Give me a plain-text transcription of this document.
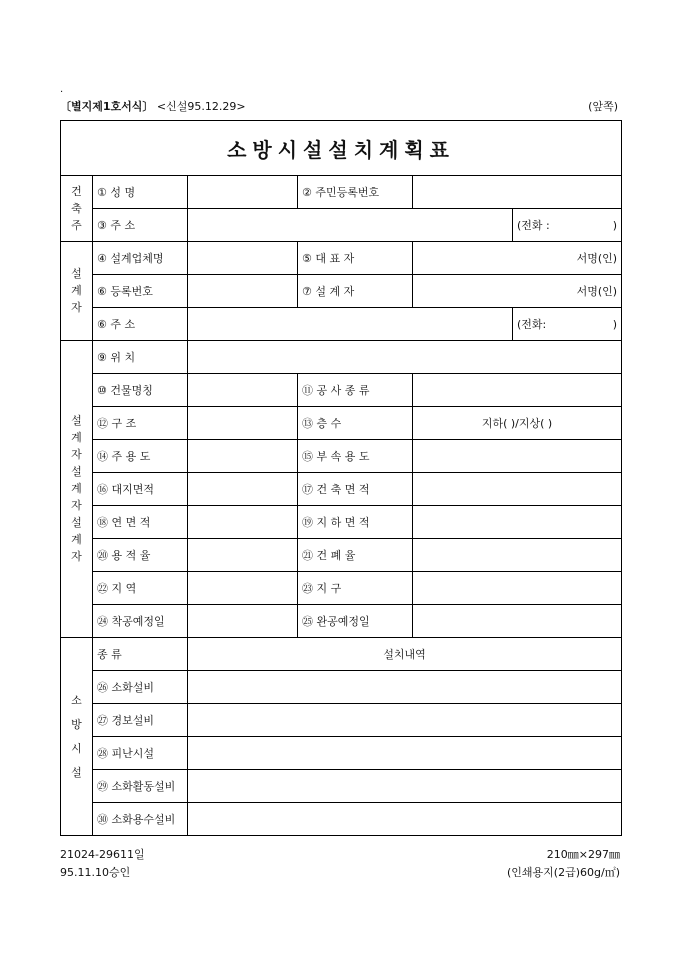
.
〔별지제1호서식〕 <신설95.12.29>	(앞쪽)
소방시설설치계획표					
건축주	① 성 명		② 주민등록번호		
	③ 주 소				(전화 : )

설계자	④ 설계업체명		⑤ 대 표 자	서명(인)	
	⑥ 등록번호		⑦ 설 계 자	서명(인)	
	⑥ 주 소				(전화: )

설계자설계자설계자	⑨ 위 치				
	⑩ 건물명칭		⑪ 공 사 종 류		
	⑫ 구 조		⑬ 층 수	지하( )/지상( )	
	⑭ 주 용 도		⑮ 부 속 용 도		
	⑯ 대지면적		⑰ 건 축 면 적		
	⑱ 연 면 적		⑲ 지 하 면 적		
	⑳ 용 적 율		㉑ 건 폐 율		
	㉒ 지 역		㉓ 지 구		
	㉔ 착공예정일		㉕ 완공예정일		

소
방
시
설	종 류	설치내역			
	㉖ 소화설비				
	㉗ 경보설비				
	㉘ 피난시설				
	㉙ 소화활동설비				
	㉚ 소화용수설비				
21024-29611일
95.11.10승인
210㎜×297㎜
(인쇄용지(2급)60g/㎡)
